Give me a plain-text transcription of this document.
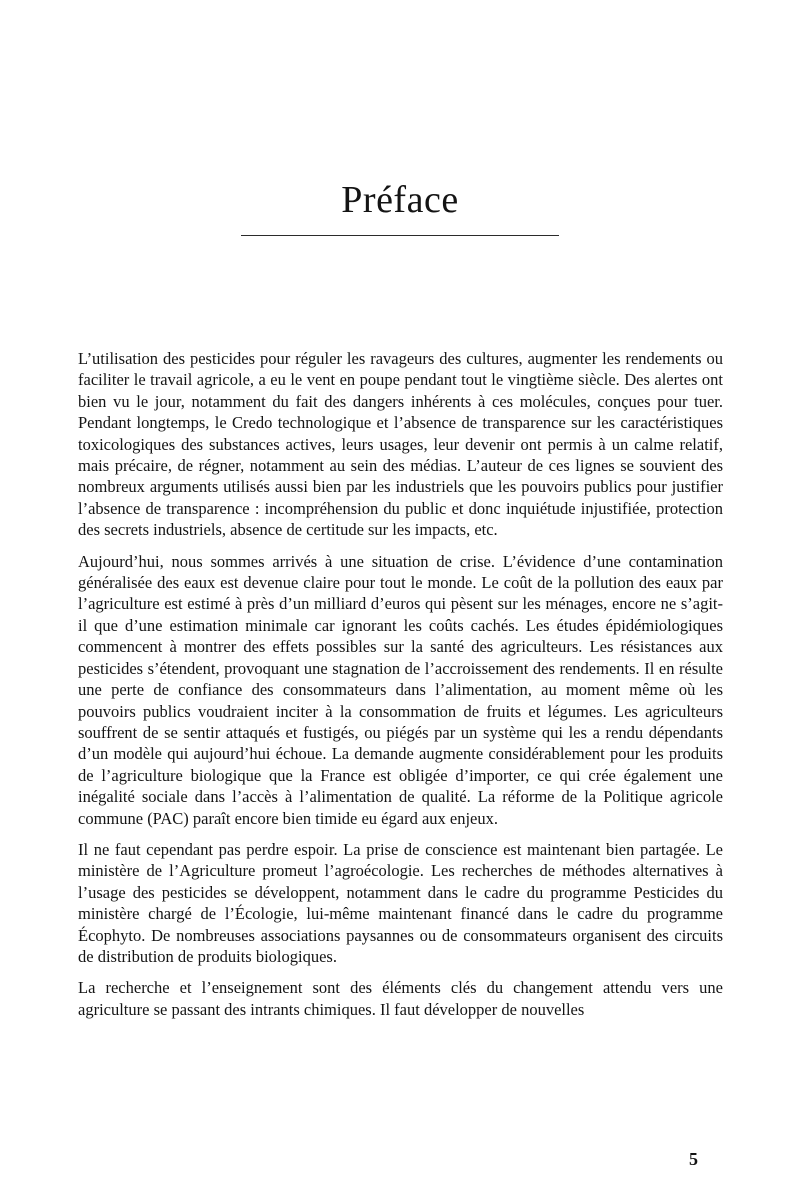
Préface

L’utilisation des pesticides pour réguler les ravageurs des cultures, augmenter les rendements ou faciliter le travail agricole, a eu le vent en poupe pendant tout le vingtième siècle. Des alertes ont bien vu le jour, notamment du fait des dangers inhérents à ces molécules, conçues pour tuer. Pendant longtemps, le Credo technologique et l’absence de transparence sur les caractéristiques toxicologiques des substances actives, leurs usages, leur devenir ont permis à un calme relatif, mais précaire, de régner, notamment au sein des médias. L’auteur de ces lignes se souvient des nombreux arguments utilisés aussi bien par les industriels que les pouvoirs publics pour justifier l’absence de transparence : incompréhension du public et donc inquiétude injustifiée, protection des secrets industriels, absence de certitude sur les impacts, etc.

Aujourd’hui, nous sommes arrivés à une situation de crise. L’évidence d’une contamination généralisée des eaux est devenue claire pour tout le monde. Le coût de la pollution des eaux par l’agriculture est estimé à près d’un milliard d’euros qui pèsent sur les ménages, encore ne s’agit-il que d’une estimation minimale car ignorant les coûts cachés. Les études épidémiologiques commencent à montrer des effets possibles sur la santé des agriculteurs. Les résistances aux pesticides s’étendent, provoquant une stagnation de l’accroissement des rendements. Il en résulte une perte de confiance des consommateurs dans l’alimentation, au moment même où les pouvoirs publics voudraient inciter à la consommation de fruits et légumes. Les agriculteurs souffrent de se sentir attaqués et fustigés, ou piégés par un système qui les a rendu dépendants d’un modèle qui aujourd’hui échoue. La demande augmente considérablement pour les produits de l’agriculture biologique que la France est obligée d’importer, ce qui crée également une inégalité sociale dans l’accès à l’alimentation de qualité. La réforme de la Politique agricole commune (PAC) paraît encore bien timide eu égard aux enjeux.

Il ne faut cependant pas perdre espoir. La prise de conscience est maintenant bien partagée. Le ministère de l’Agriculture promeut l’agroécologie. Les recherches de méthodes alternatives à l’usage des pesticides se développent, notamment dans le cadre du programme Pesticides du ministère chargé de l’Écologie, lui-même maintenant financé dans le cadre du programme Écophyto. De nombreuses associations paysannes ou de consommateurs organisent des circuits de distribution de produits biologiques.

La recherche et l’enseignement sont des éléments clés du changement attendu vers une agriculture se passant des intrants chimiques. Il faut développer de nouvelles

5
